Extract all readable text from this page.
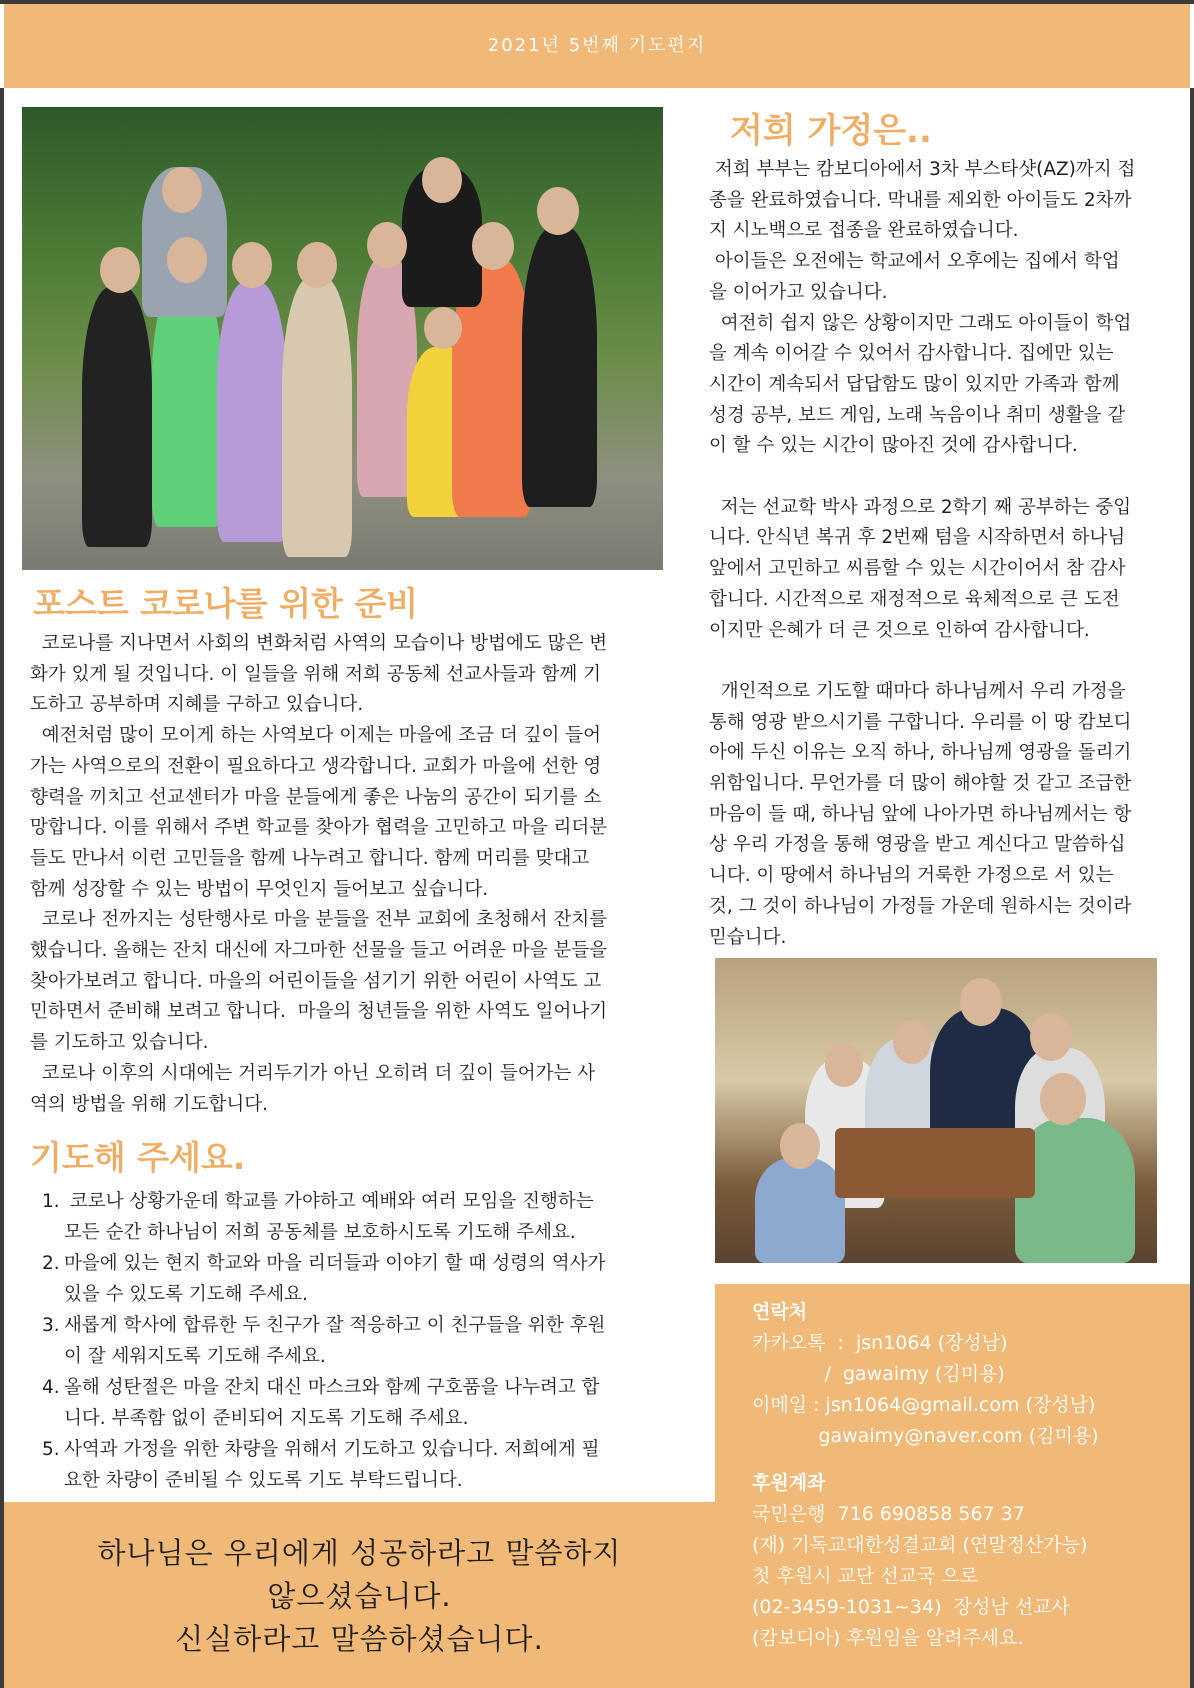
2021년 5번째 기도편지
포스트 코로나를 위한 준비

코로나를 지나면서 사회의 변화처럼 사역의 모습이나 방법에도 많은 변
화가 있게 될 것입니다. 이 일들을 위해 저희 공동체 선교사들과 함께 기
도하고 공부하며 지혜를 구하고 있습니다.
예전처럼 많이 모이게 하는 사역보다 이제는 마을에 조금 더 깊이 들어
가는 사역으로의 전환이 필요하다고 생각합니다. 교회가 마을에 선한 영
향력을 끼치고 선교센터가 마을 분들에게 좋은 나눔의 공간이 되기를 소
망합니다. 이를 위해서 주변 학교를 찾아가 협력을 고민하고 마을 리더분
들도 만나서 이런 고민들을 함께 나누려고 합니다. 함께 머리를 맞대고
함께 성장할 수 있는 방법이 무엇인지 들어보고 싶습니다.
코로나 전까지는 성탄행사로 마을 분들을 전부 교회에 초청해서 잔치를
했습니다. 올해는 잔치 대신에 자그마한 선물을 들고 어려운 마을 분들을
찾아가보려고 합니다. 마을의 어린이들을 섬기기 위한 어린이 사역도 고
민하면서 준비해 보려고 합니다.  마을의 청년들을 위한 사역도 일어나기
를 기도하고 있습니다.
코로나 이후의 시대에는 거리두기가 아닌 오히려 더 깊이 들어가는 사
역의 방법을 위해 기도합니다.

저희 가정은..

저희 부부는 캄보디아에서 3차 부스타샷(AZ)까지 접
종을 완료하였습니다. 막내를 제외한 아이들도 2차까
지 시노백으로 접종을 완료하였습니다.
아이들은 오전에는 학교에서 오후에는 집에서 학업
을 이어가고 있습니다.
여전히 쉽지 않은 상황이지만 그래도 아이들이 학업
을 계속 이어갈 수 있어서 감사합니다. 집에만 있는
시간이 계속되서 답답함도 많이 있지만 가족과 함께
성경 공부, 보드 게임, 노래 녹음이나 취미 생활을 같
이 할 수 있는 시간이 많아진 것에 감사합니다.

저는 선교학 박사 과정으로 2학기 째 공부하는 중입
니다. 안식년 복귀 후 2번째 텀을 시작하면서 하나님
앞에서 고민하고 씨름할 수 있는 시간이어서 참 감사
합니다. 시간적으로 재정적으로 육체적으로 큰 도전
이지만 은혜가 더 큰 것으로 인하여 감사합니다.

개인적으로 기도할 때마다 하나님께서 우리 가정을
통해 영광 받으시기를 구합니다. 우리를 이 땅 캄보디
아에 두신 이유는 오직 하나, 하나님께 영광을 돌리기
위함입니다. 무언가를 더 많이 해야할 것 같고 조급한
마음이 들 때, 하나님 앞에 나아가면 하나님께서는 항
상 우리 가정을 통해 영광을 받고 계신다고 말씀하십
니다. 이 땅에서 하나님의 거룩한 가정으로 서 있는
것, 그 것이 하나님이 가정들 가운데 원하시는 것이라
믿습니다.

기도해 주세요.
1. 코로나 상황가운데 학교를 가야하고 예배와 여러 모임을 진행하는
모든 순간 하나님이 저희 공동체를 보호하시도록 기도해 주세요.
2. 마을에 있는 현지 학교와 마을 리더들과 이야기 할 때 성령의 역사가
있을 수 있도록 기도해 주세요.
3. 새롭게 학사에 합류한 두 친구가 잘 적응하고 이 친구들을 위한 후원
이 잘 세워지도록 기도해 주세요.
4. 올해 성탄절은 마을 잔치 대신 마스크와 함께 구호품을 나누려고 합
니다. 부족함 없이 준비되어 지도록 기도해 주세요.
5. 사역과 가정을 위한 차량을 위해서 기도하고 있습니다. 저희에게 필
요한 차량이 준비될 수 있도록 기도 부탁드립니다.
하나님은 우리에게 성공하라고 말씀하지
않으셨습니다.
신실하라고 말씀하셨습니다.
연락처
카카오톡  :  jsn1064 (장성남)
/  gawaimy (김미용)
이메일 : jsn1064@gmail.com (장성남)
gawaimy@naver.com (김미용)
후원계좌
국민은행  716 690858 567 37
(재) 기독교대한성결교회 (연말정산가능)
첫 후원시 교단 선교국 으로
(02-3459-1031~34)  장성남 선교사
(캄보디아) 후원임을 알려주세요.
